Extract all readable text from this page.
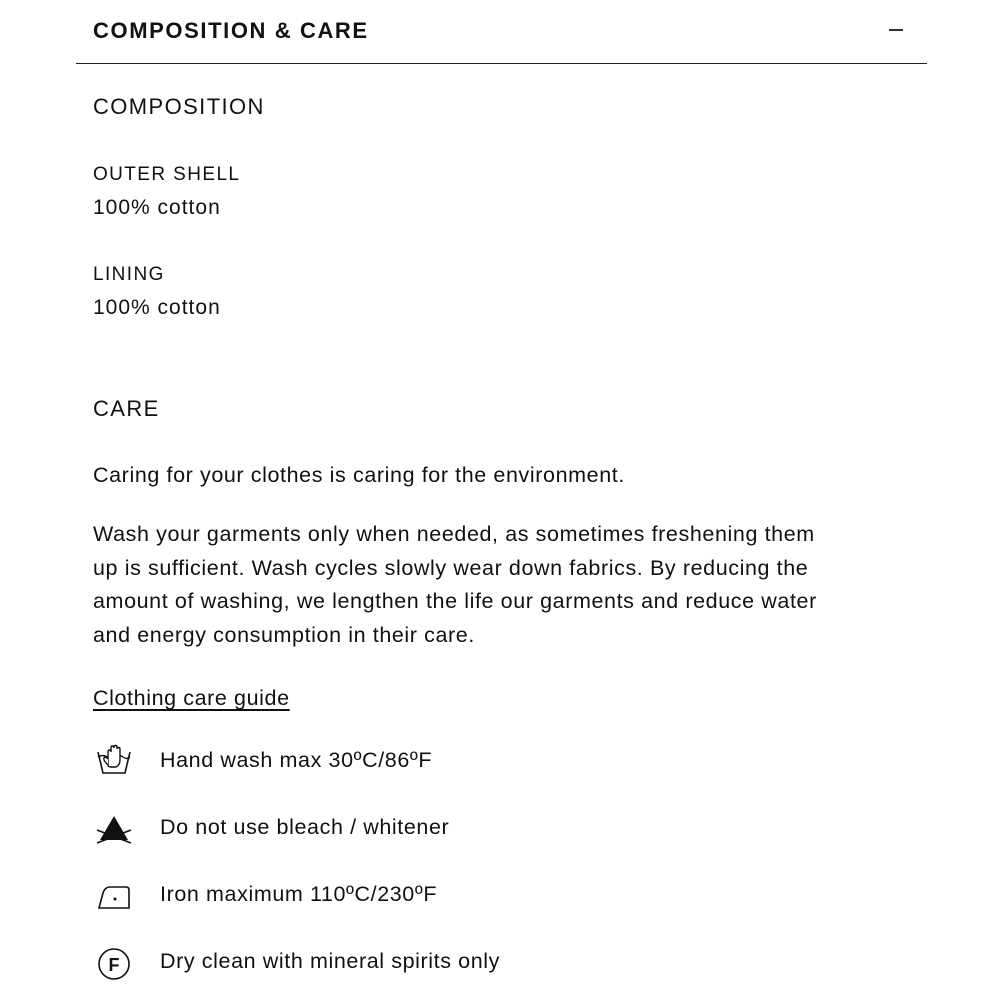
COMPOSITION & CARE
COMPOSITION
OUTER SHELL
100% cotton
LINING
100% cotton
CARE
Caring for your clothes is caring for the environment.
Wash your garments only when needed, as sometimes freshening them
up is sufficient. Wash cycles slowly wear down fabrics. By reducing the
amount of washing, we lengthen the life our garments and reduce water
and energy consumption in their care.
Clothing care guide
Hand wash max 30ºC/86ºF
Do not use bleach / whitener
Iron maximum 110ºC/230ºF
F Dry clean with mineral spirits only
